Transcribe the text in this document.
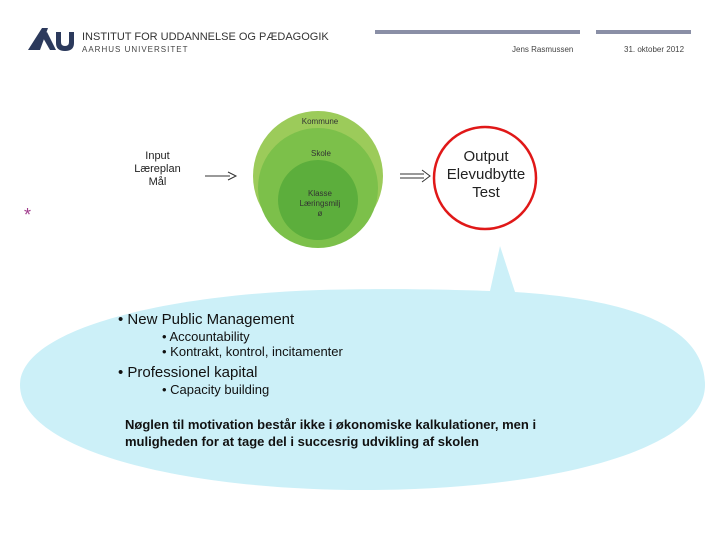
INSTITUT FOR UDDANNELSE OG PÆDAGOGIK
AARHUS UNIVERSITET	Jens Rasmussen	31. oktober 2012
Kommune
Skole
Klasse
Læringsmilj
ø
Input
Læreplan
Mål
*
Output
Elevudbytte
Test

• New Public Management

• Accountability

• Kontrakt, kontrol, incitamenter

• Professionel kapital

• Capacity building

Nøglen til motivation består ikke i økonomiske kalkulationer, men i muligheden for at tage del i succesrig udvikling af skolen
